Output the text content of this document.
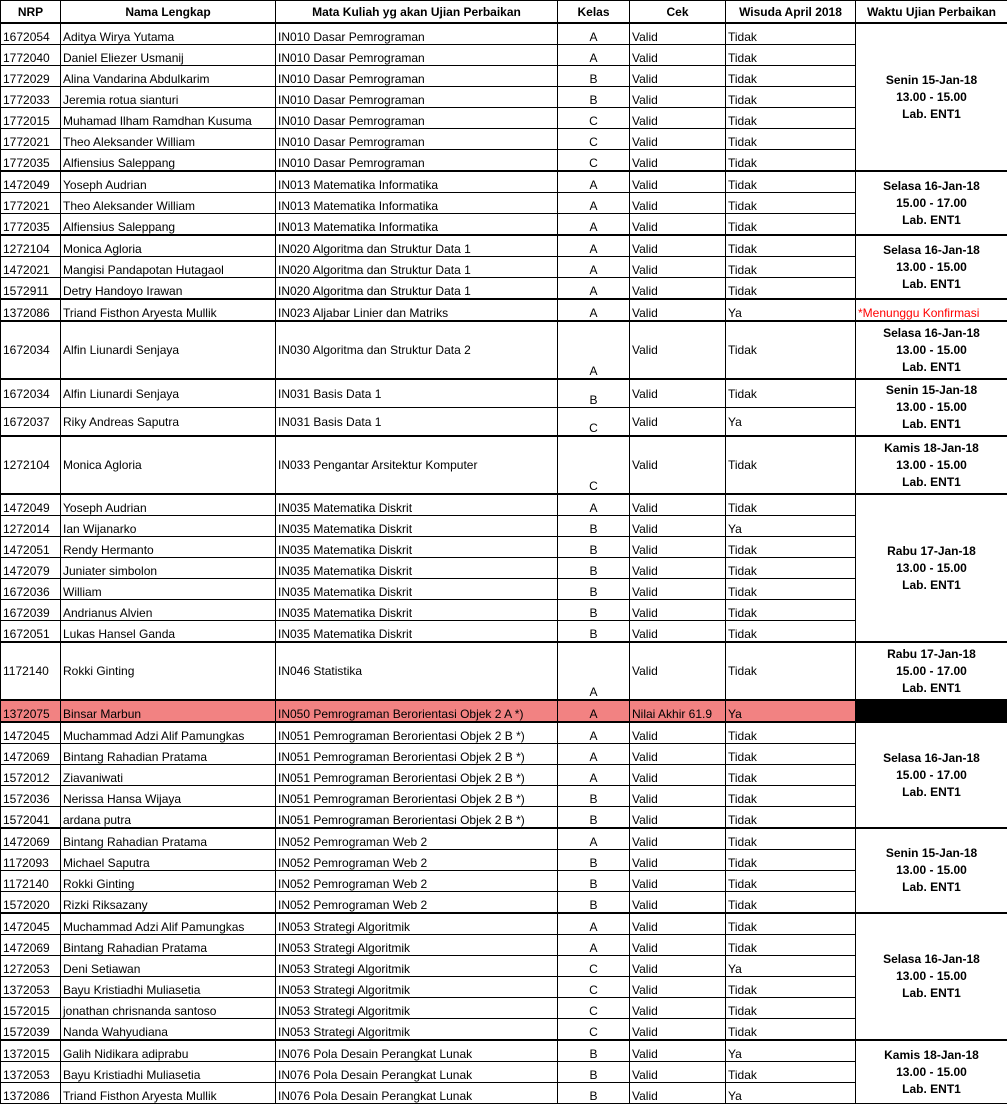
NRP	Nama Lengkap	Mata Kuliah yg akan Ujian Perbaikan	Kelas	Cek	Wisuda April 2018	Waktu Ujian Perbaikan
1672054	Aditya Wirya Yutama	IN010 Dasar Pemrograman	A	Valid	Tidak	Senin 15-Jan-18
13.00 - 15.00
Lab. ENT1

1772040	Daniel Eliezer Usmanij	IN010 Dasar Pemrograman	A	Valid	Tidak	
1772029	Alina Vandarina Abdulkarim	IN010 Dasar Pemrograman	B	Valid	Tidak	
1772033	Jeremia rotua sianturi	IN010 Dasar Pemrograman	B	Valid	Tidak	
1772015	Muhamad Ilham Ramdhan Kusuma	IN010 Dasar Pemrograman	C	Valid	Tidak	
1772021	Theo Aleksander William	IN010 Dasar Pemrograman	C	Valid	Tidak	
1772035	Alfiensius Saleppang	IN010 Dasar Pemrograman	C	Valid	Tidak	
1472049	Yoseph Audrian	IN013 Matematika Informatika	A	Valid	Tidak	Selasa 16-Jan-18
15.00 - 17.00
Lab. ENT1

1772021	Theo Aleksander William	IN013 Matematika Informatika	A	Valid	Tidak	
1772035	Alfiensius Saleppang	IN013 Matematika Informatika	A	Valid	Tidak	
1272104	Monica Agloria	IN020 Algoritma dan Struktur Data 1	A	Valid	Tidak	Selasa 16-Jan-18
13.00 - 15.00
Lab. ENT1

1472021	Mangisi Pandapotan Hutagaol	IN020 Algoritma dan Struktur Data 1	A	Valid	Tidak	
1572911	Detry Handoyo Irawan	IN020 Algoritma dan Struktur Data 1	A	Valid	Tidak	
1372086	Triand Fisthon Aryesta Mullik	IN023 Aljabar Linier dan Matriks	A	Valid	Ya	*Menunggu Konfirmasi
1672034	Alfin Liunardi Senjaya	IN030 Algoritma dan Struktur Data 2	A	Valid	Tidak	Selasa 16-Jan-18
13.00 - 15.00
Lab. ENT1

1672034	Alfin Liunardi Senjaya	IN031 Basis Data 1	B	Valid	Tidak	Senin 15-Jan-18
13.00 - 15.00
Lab. ENT1

1672037	Riky Andreas Saputra	IN031 Basis Data 1	C	Valid	Ya	
1272104	Monica Agloria	IN033 Pengantar Arsitektur Komputer	C	Valid	Tidak	Kamis 18-Jan-18
13.00 - 15.00
Lab. ENT1

1472049	Yoseph Audrian	IN035 Matematika Diskrit	A	Valid	Tidak	Rabu 17-Jan-18
13.00 - 15.00
Lab. ENT1

1272014	Ian Wijanarko	IN035 Matematika Diskrit	B	Valid	Ya	
1472051	Rendy Hermanto	IN035 Matematika Diskrit	B	Valid	Tidak	
1472079	Juniater simbolon	IN035 Matematika Diskrit	B	Valid	Tidak	
1672036	William	IN035 Matematika Diskrit	B	Valid	Tidak	
1672039	Andrianus Alvien	IN035 Matematika Diskrit	B	Valid	Tidak	
1672051	Lukas Hansel Ganda	IN035 Matematika Diskrit	B	Valid	Tidak	
1172140	Rokki Ginting	IN046 Statistika	A	Valid	Tidak	Rabu 17-Jan-18
15.00 - 17.00
Lab. ENT1

1372075	Binsar Marbun	IN050 Pemrograman Berorientasi Objek 2 A *)	A	Nilai Akhir 61.9	Ya	
1472045	Muchammad Adzi Alif Pamungkas	IN051 Pemrograman Berorientasi Objek 2 B *)	A	Valid	Tidak	Selasa 16-Jan-18
15.00 - 17.00
Lab. ENT1

1472069	Bintang Rahadian Pratama	IN051 Pemrograman Berorientasi Objek 2 B *)	A	Valid	Tidak	
1572012	Ziavaniwati	IN051 Pemrograman Berorientasi Objek 2 B *)	A	Valid	Tidak	
1572036	Nerissa Hansa Wijaya	IN051 Pemrograman Berorientasi Objek 2 B *)	B	Valid	Tidak	
1572041	ardana putra	IN051 Pemrograman Berorientasi Objek 2 B *)	B	Valid	Tidak	
1472069	Bintang Rahadian Pratama	IN052 Pemrograman Web 2	A	Valid	Tidak	Senin 15-Jan-18
13.00 - 15.00
Lab. ENT1

1172093	Michael Saputra	IN052 Pemrograman Web 2	B	Valid	Tidak	
1172140	Rokki Ginting	IN052 Pemrograman Web 2	B	Valid	Tidak	
1572020	Rizki Riksazany	IN052 Pemrograman Web 2	B	Valid	Tidak	
1472045	Muchammad Adzi Alif Pamungkas	IN053 Strategi Algoritmik	A	Valid	Tidak	Selasa 16-Jan-18
13.00 - 15.00
Lab. ENT1

1472069	Bintang Rahadian Pratama	IN053 Strategi Algoritmik	A	Valid	Tidak	
1272053	Deni Setiawan	IN053 Strategi Algoritmik	C	Valid	Ya	
1372053	Bayu Kristiadhi Muliasetia	IN053 Strategi Algoritmik	C	Valid	Tidak	
1572015	jonathan chrisnanda santoso	IN053 Strategi Algoritmik	C	Valid	Tidak	
1572039	Nanda Wahyudiana	IN053 Strategi Algoritmik	C	Valid	Tidak	
1372015	Galih Nidikara adiprabu	IN076 Pola Desain Perangkat Lunak	B	Valid	Ya	Kamis 18-Jan-18
13.00 - 15.00
Lab. ENT1

1372053	Bayu Kristiadhi Muliasetia	IN076 Pola Desain Perangkat Lunak	B	Valid	Tidak	
1372086	Triand Fisthon Aryesta Mullik	IN076 Pola Desain Perangkat Lunak	B	Valid	Ya	
